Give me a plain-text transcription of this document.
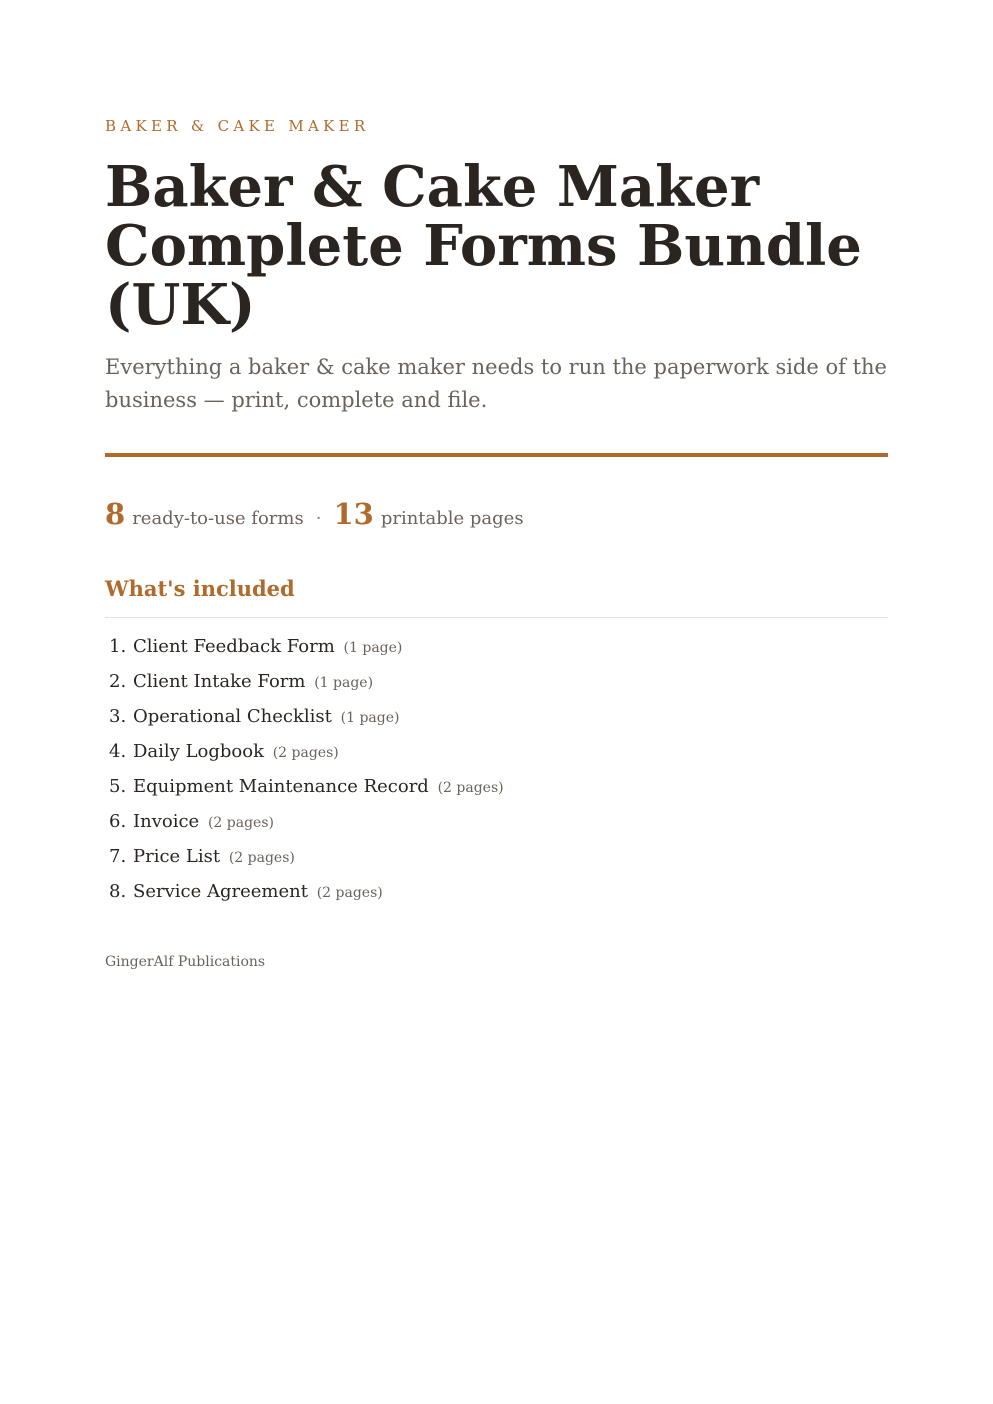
BAKER & CAKE MAKER
Baker & Cake Maker Complete Forms Bundle (UK)

Everything a baker & cake maker needs to run the paperwork side of the business — print, complete and file.

8 ready-to-use forms · 13 printable pages
What's included
1. Client Feedback Form (1 page)
2. Client Intake Form (1 page)
3. Operational Checklist (1 page)
4. Daily Logbook (2 pages)
5. Equipment Maintenance Record (2 pages)
6. Invoice (2 pages)
7. Price List (2 pages)
8. Service Agreement (2 pages)
GingerAlf Publications
